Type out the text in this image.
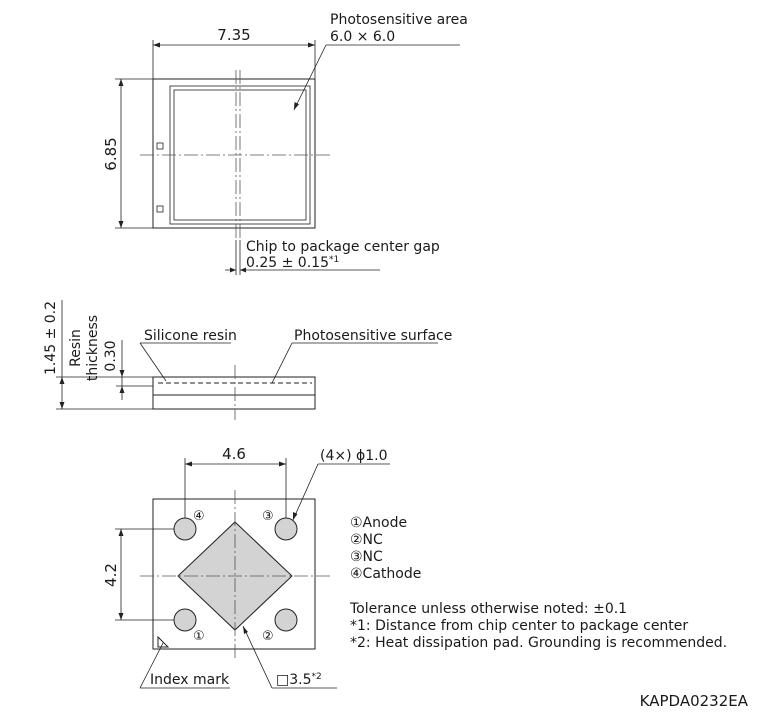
7.35
6.85
Photosensitive area
6.0 × 6.0
Chip to package center gap
$0.25 \pm 0.15^{*1}$
1.45 ± 0.2 Resin thickness 0.30
Silicone resin	Photosensitive surface
④	③
①	②
4.6
4.2
(4×) ϕ1.0
Index mark	□3.5$^{*2}$
①Anode
②NC
③NC
④Cathode
Tolerance unless otherwise noted: ±0.1
*1: Distance from chip center to package center
*2: Heat dissipation pad. Grounding is recommended.
KAPDA0232EA
